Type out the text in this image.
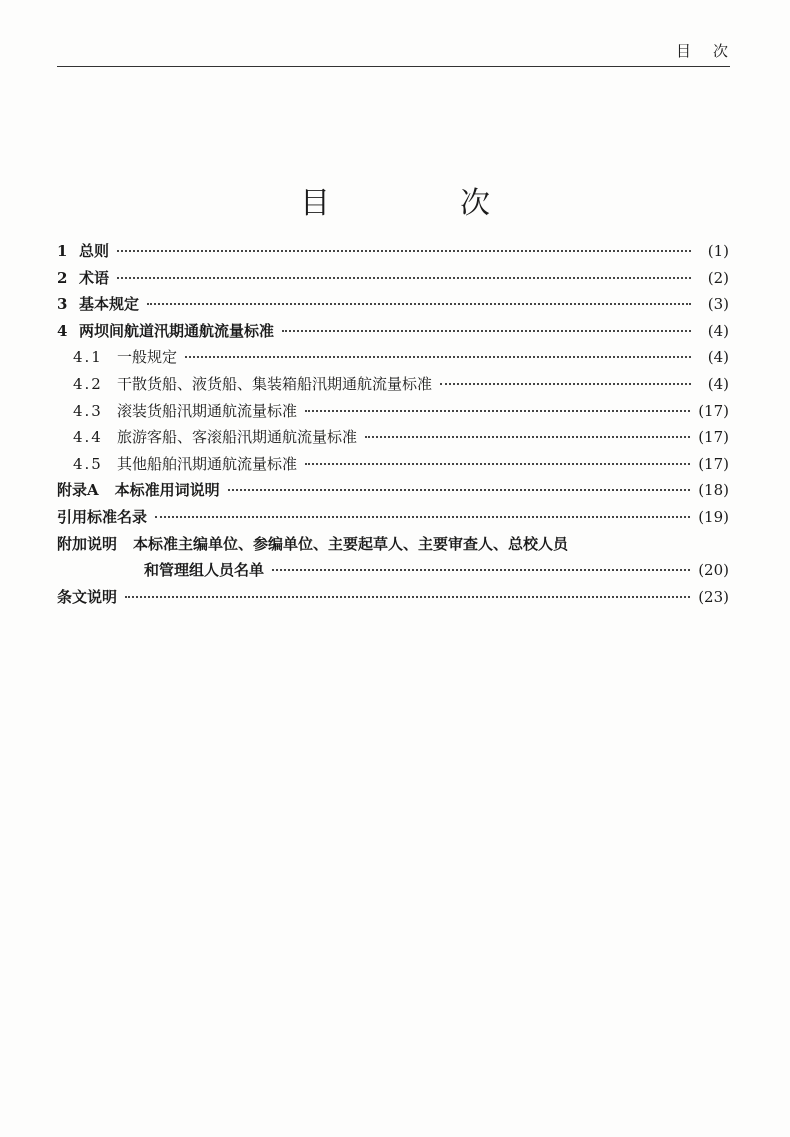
目次
目　次
1 总则	(1)
2 术语	(2)
3 基本规定	(3)
4 两坝间航道汛期通航流量标准	(4)
4.1 一般规定	(4)
4.2 干散货船、液货船、集装箱船汛期通航流量标准	(4)
4.3 滚装货船汛期通航流量标准	(17)
4.4 旅游客船、客滚船汛期通航流量标准	(17)
4.5 其他船舶汛期通航流量标准	(17)
附录A 本标准用词说明	(18)
引用标准名录	(19)
附加说明 本标准主编单位、参编单位、主要起草人、主要审查人、总校人员
和管理组人员名单	(20)
条文说明	(23)
